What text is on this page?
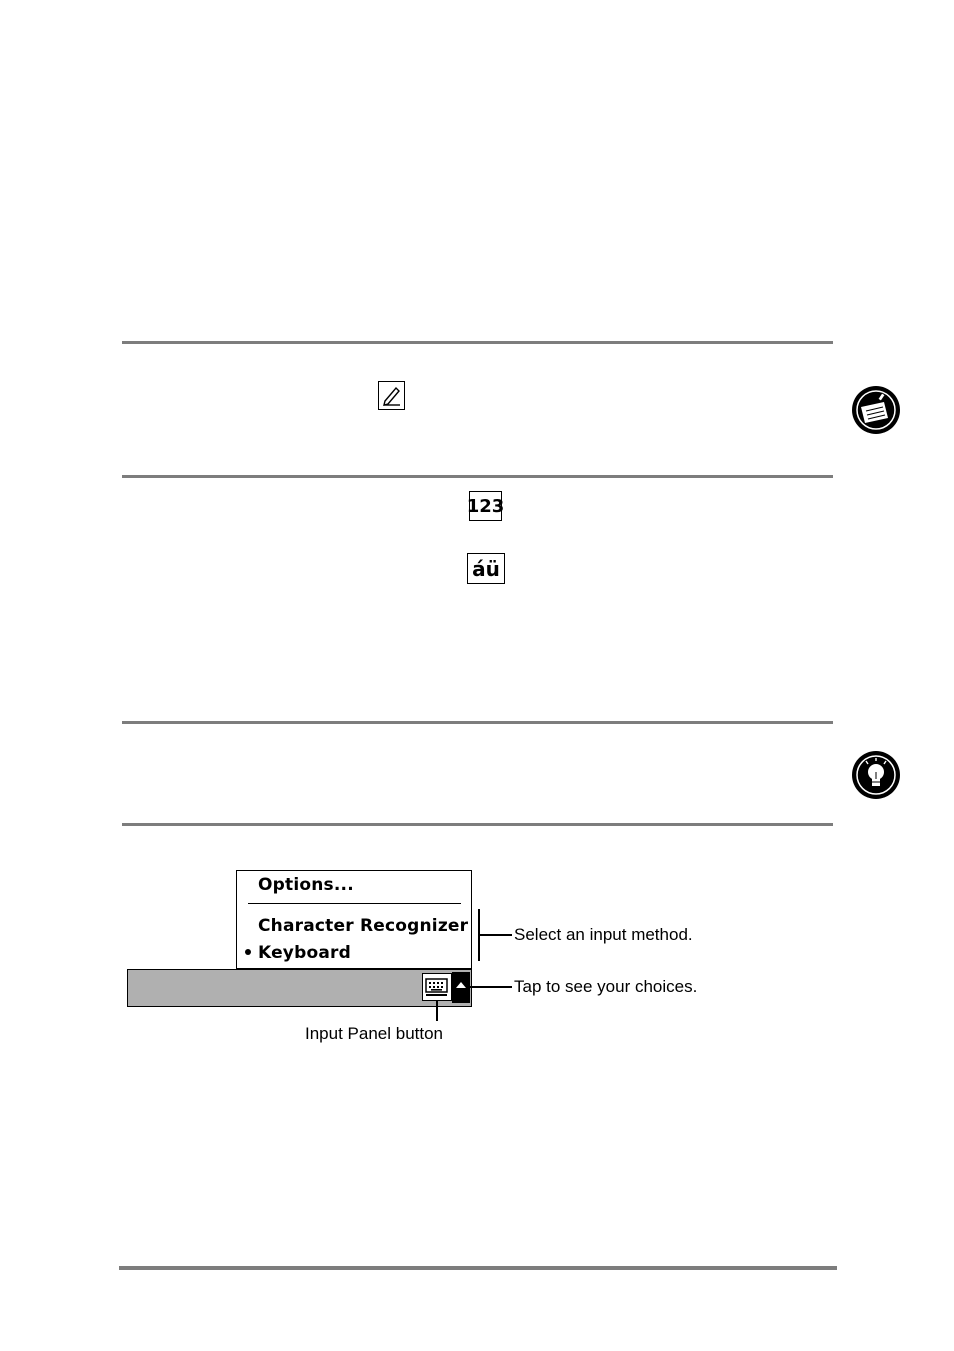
123
áü
Options...
Character Recognizer
Keyboard
Select an input method.
Tap to see your choices.
Input Panel button
